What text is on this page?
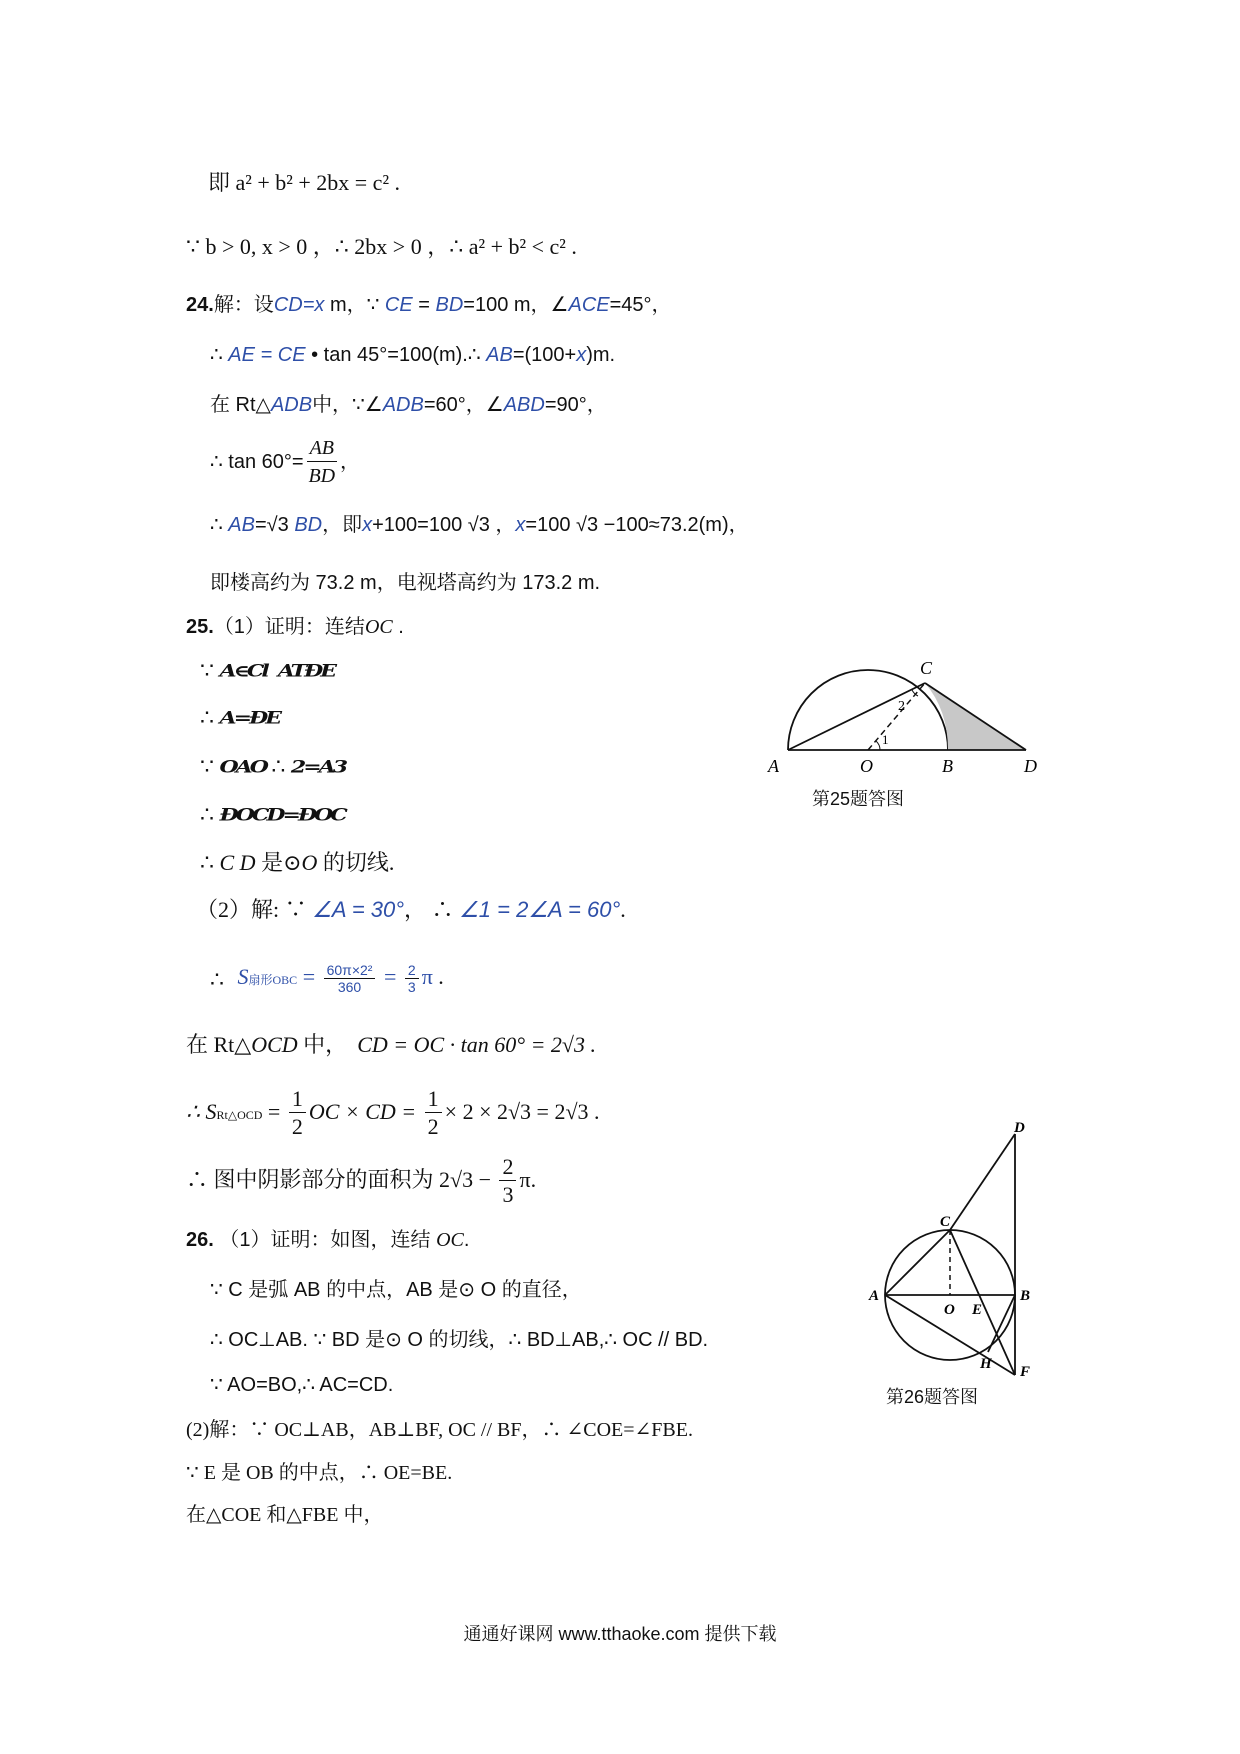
即 a² + b² + 2bx = c² .
∵ b > 0, x > 0 ，∴ 2bx > 0 ，∴ a² + b² < c² .
24.解：设CD=x m，∵ CE = BD=100 m，∠ACE=45°，
∴ AE = CE • tan 45°=100(m).∴ AB=(100+x)m.
在 Rt△ADB中，∵∠ADB=60°，∠ABD=90°，
∴ $\tan 60^\circ= \frac{AB}{BD}$ ，
∴ AB=√3 BD，即x+100=100 √3 ，x=100 √3 −100≈73.2(m)，
即楼高约为 73.2 m，电视塔高约为 173.2 m.
25.（1）证明：连结OC .
∵ A∈Cl ATÐE
∴ A=ÐE
∵ OAO ∴ 2=A3
∴ ÐOCD=ÐOC
∴ C D 是⊙O 的切线.
（2）解: ∵ ∠A = 30°， ∴ ∠1 = 2∠A = 60°.
∴ S扇形OBC = $\frac{\text{60π×2²}}{360} = \frac{2}{3}$ π .
在 Rt△OCD 中， CD = OC · tan 60° = 2√3 .
∴ SRt△OCD = $\frac{1}{2}$ OC × CD = $\frac{1}{2} \times 2 \times 2√3 = 2√3$ .
∴ 图中阴影部分的面积为 $2√3 - \frac{2}{3} \pi$.
26. （1）证明：如图，连结 OC.
∵ C 是弧 AB 的中点，AB 是⊙ O 的直径，
∴ OC⊥AB. ∵ BD 是⊙ O 的切线，∴ BD⊥AB,∴ OC // BD.
∵ AO=BO,∴ AC=CD.
(2)解：∵ OC⊥AB，AB⊥BF, OC // BF，∴ ∠COE=∠FBE.
∵ E 是 OB 的中点，∴ OE=BE.
在△COE 和△FBE 中，
C
2
1
A	O	B	D
第25题答图
D
C
A
O E
B
H F
第26题答图
通通好课网 www.tthaoke.com 提供下载
